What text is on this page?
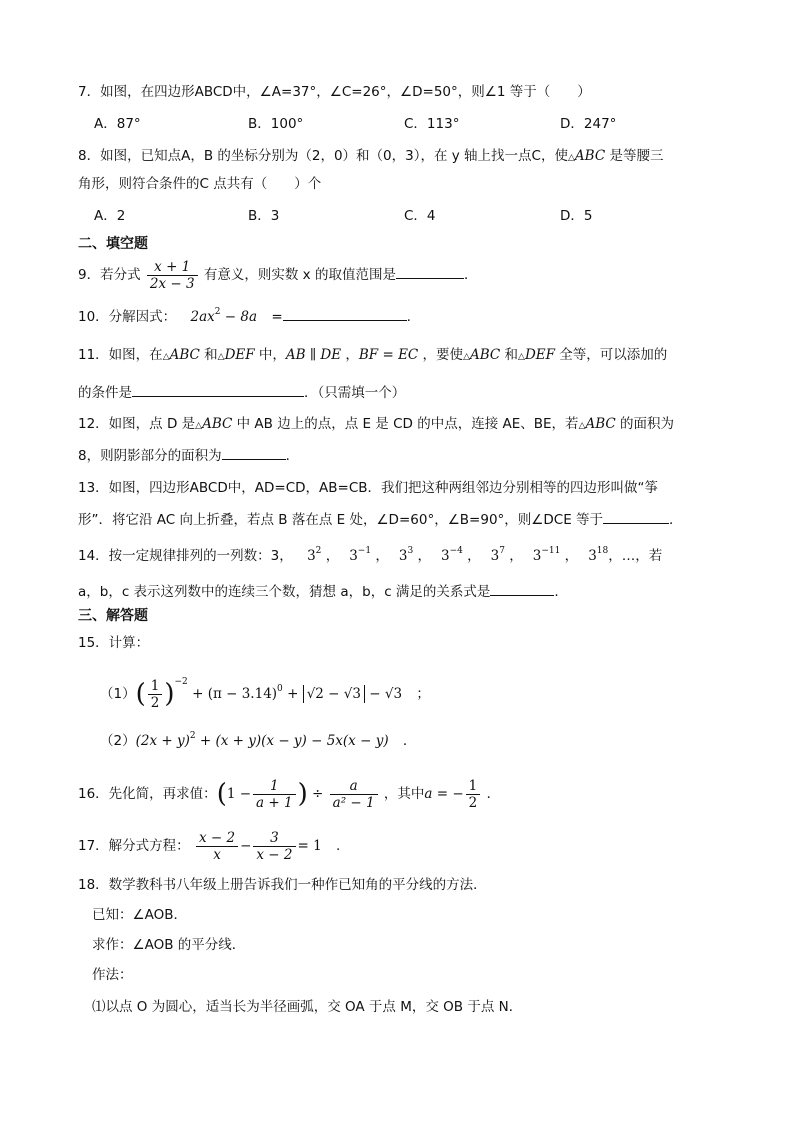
7．如图，在四边形ABCD中，∠A=37°，∠C=26°，∠D=50°，则∠1 等于（　　）
A．87°	B．100°	C．113°	D．247°
8．如图，已知点A，B 的坐标分别为（2，0）和（0，3），在 y 轴上找一点C，使△ABC 是等腰三
角形，则符合条件的C 点共有（　　）个
A．2	B．3	C．4	D．5
二、填空题
9．若分式 $\frac{x + 1}{2x - 3}$ 有意义，则实数 x 的取值范围是	．
10．分解因式： $2ax^2 - 8a$ =	.
11．如图，在△ABC 和△DEF 中，AB ∥ DE ，BF = EC ，要使△ABC 和△DEF 全等，可以添加的
的条件是	．（只需填一个）
12．如图，点 D 是△ABC 中 AB 边上的点，点 E 是 CD 的中点，连接 AE、BE，若△ABC 的面积为
8，则阴影部分的面积为	．
13．如图，四边形ABCD中，AD=CD，AB=CB．我们把这种两组邻边分别相等的四边形叫做“筝
形”．将它沿 AC 向上折叠，若点 B 落在点 E 处，∠D=60°，∠B=90°，则∠DCE 等于	．
14．按一定规律排列的一列数：3， $3^2$ ， $3^{-1}$ ， $3^3$ ， $3^{-4}$ ， $3^7$ ， $3^{-11}$ ， $3^{18}$，…，若
a，b，c 表示这列数中的连续三个数，猜想 a，b，c 满足的关系式是	.
三、解答题
15．计算：
$(1)( \frac{1}{2} )^{-2} + (\pi - 3.14)^0 + √2 - √3 - √3$ ；
$(2)(2x + y)^2 + (x + y)(x - y) - 5x(x - y)$ ．
16．先化简，再求值：($1 - \frac{1}{a + 1}$ ) ÷ $\frac{a}{\text{a² − 1}}$ ，其中a = − $\frac{1}{2}$ ．
17．解分式方程： $\frac{x - 2}{x} - \frac{3}{x - 2} = 1$ .
18．数学教科书八年级上册告诉我们一种作已知角的平分线的方法．
已知：∠AOB．
求作：∠AOB 的平分线．
作法：
⑴以点 O 为圆心，适当长为半径画弧，交 OA 于点 M，交 OB 于点 N．
